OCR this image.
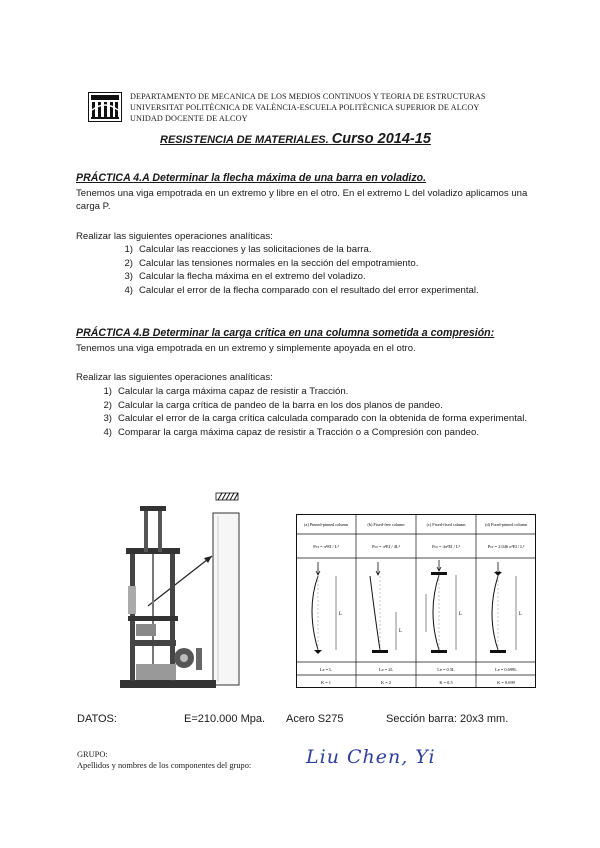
DEPARTAMENTO DE MECANICA DE LOS MEDIOS CONTINUOS Y TEORIA DE ESTRUCTURAS
UNIVERSITAT POLITÈCNICA DE VALÈNCIA-ESCUELA POLITÈCNICA SUPERIOR DE ALCOY
UNIDAD DOCENTE DE ALCOY
RESISTENCIA DE MATERIALES. Curso 2014-15
PRÁCTICA 4.A Determinar la flecha máxima de una barra en voladizo.
Tenemos una viga empotrada en un extremo y libre en el otro. En el extremo L del voladizo aplicamos una carga P.
Realizar las siguientes operaciones analíticas:
1) Calcular las reacciones y las solicitaciones de la barra.
2) Calcular las tensiones normales en la sección del empotramiento.
3) Calcular la flecha máxima en el extremo del voladizo.
4) Calcular el error de la flecha comparado con el resultado del error experimental.
PRÁCTICA 4.B Determinar la carga crítica en una columna sometida a compresión:
Tenemos una viga empotrada en un extremo y simplemente apoyada en el otro.
Realizar las siguientes operaciones analíticas:
1) Calcular la carga máxima capaz de resistir a Tracción.
2) Calcular la carga crítica de pandeo de la barra en los dos planos de pandeo.
3) Calcular el error de la carga crítica calculada comparado con la obtenida de forma experimental.
4) Comparar la carga máxima capaz de resistir a Tracción o a Compresión con pandeo.
(a) Pinned-pinned column	(b) Fixed-free column	(c) Fixed-fixed column	(d) Fixed-pinned column
Pcr = π²EI / L²	Pcr = π²EI / 4L²	Pcr = 4π²EI / L²	Pcr = 2.046 π²EI / L²
L
L
L	L
Le = L	Le = 2L	Le = 0.5L	Le = 0.699L
K = 1	K = 2	K = 0.5	K = 0.699
DATOS:	E=210.000 Mpa. Acero S275	Sección barra: 20x3 mm.
GRUPO:
Apellidos y nombres de los componentes del grupo:	Liu Chen, Yi
